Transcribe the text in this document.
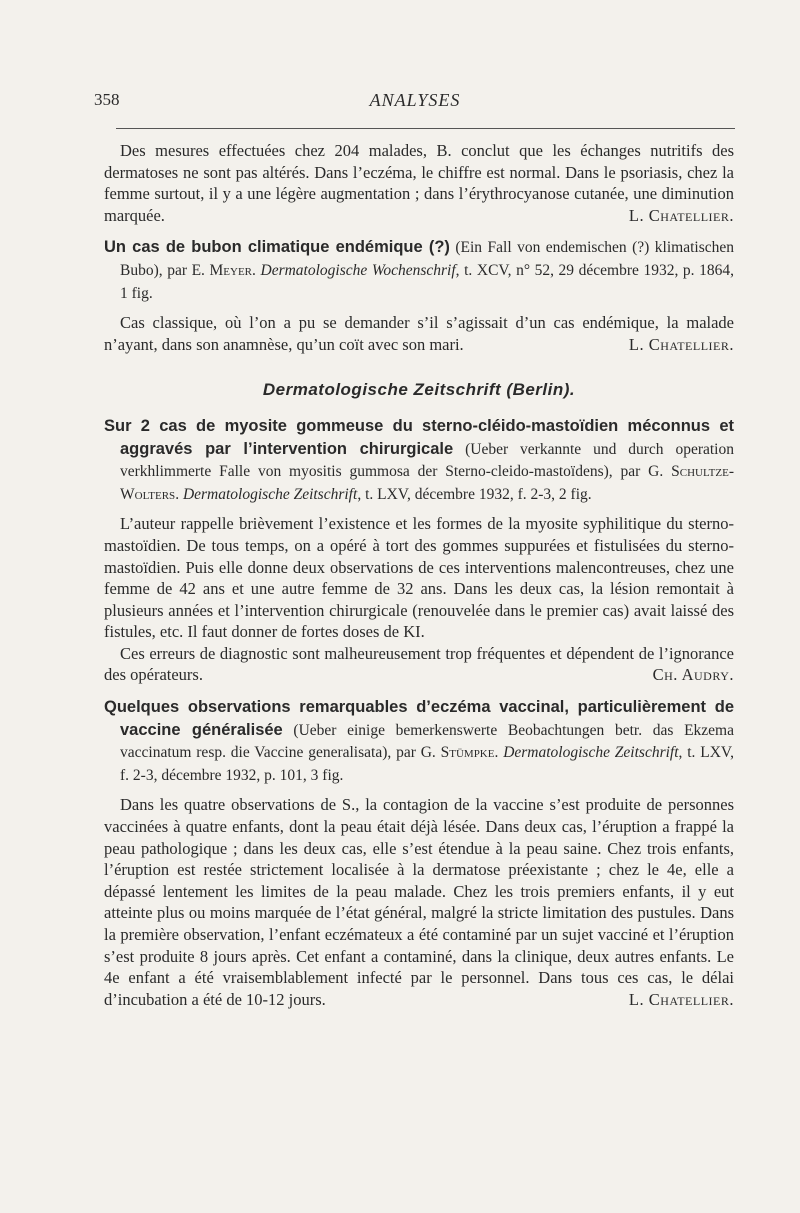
358	ANALYSES

Des mesures effectuées chez 204 malades, B. conclut que les échanges nutritifs des dermatoses ne sont pas altérés. Dans l’eczéma, le chiffre est normal. Dans le psoriasis, chez la femme surtout, il y a une légère augmentation ; dans l’érythrocyanose cutanée, une diminution marquée.	L. Chatellier.

Un cas de bubon climatique endémique (?) (Ein Fall von endemischen (?) klimatischen Bubo), par E. Meyer. Dermatologische Wochenschrif, t. XCV, n° 52, 29 décembre 1932, p. 1864, 1 fig.

Cas classique, où l’on a pu se demander s’il s’agissait d’un cas endémique, la malade n’ayant, dans son anamnèse, qu’un coït avec son mari.	L. Chatellier.

Dermatologische Zeitschrift (Berlin).

Sur 2 cas de myosite gommeuse du sterno-cléido-mastoïdien méconnus et aggravés par l’intervention chirurgicale (Ueber verkannte und durch operation verkhlimmerte Falle von myositis gummosa der Sterno-cleido-mastoïdens), par G. Schultze-Wolters. Dermatologische Zeitschrift, t. LXV, décembre 1932, f. 2-3, 2 fig.

L’auteur rappelle brièvement l’existence et les formes de la myosite syphilitique du sterno-mastoïdien. De tous temps, on a opéré à tort des gommes suppurées et fistulisées du sterno-mastoïdien. Puis elle donne deux observations de ces interventions malencontreuses, chez une femme de 42 ans et une autre femme de 32 ans. Dans les deux cas, la lésion remontait à plusieurs années et l’intervention chirurgicale (renouvelée dans le premier cas) avait laissé des fistules, etc. Il faut donner de fortes doses de KI.

Ces erreurs de diagnostic sont malheureusement trop fréquentes et dépendent de l’ignorance des opérateurs.	Ch. Audry.

Quelques observations remarquables d’eczéma vaccinal, particulièrement de vaccine généralisée (Ueber einige bemerkenswerte Beobachtungen betr. das Ekzema vaccinatum resp. die Vaccine generalisata), par G. Stümpke. Dermatologische Zeitschrift, t. LXV, f. 2-3, décembre 1932, p. 101, 3 fig.

Dans les quatre observations de S., la contagion de la vaccine s’est produite de personnes vaccinées à quatre enfants, dont la peau était déjà lésée. Dans deux cas, l’éruption a frappé la peau pathologique ; dans les deux cas, elle s’est étendue à la peau saine. Chez trois enfants, l’éruption est restée strictement localisée à la dermatose préexistante ; chez le 4e, elle a dépassé lentement les limites de la peau malade. Chez les trois premiers enfants, il y eut atteinte plus ou moins marquée de l’état général, malgré la stricte limitation des pustules. Dans la première observation, l’enfant eczémateux a été contaminé par un sujet vacciné et l’éruption s’est produite 8 jours après. Cet enfant a contaminé, dans la clinique, deux autres enfants. Le 4e enfant a été vraisemblablement infecté par le personnel. Dans tous ces cas, le délai d’incubation a été de 10-12 jours.	L. Chatellier.
